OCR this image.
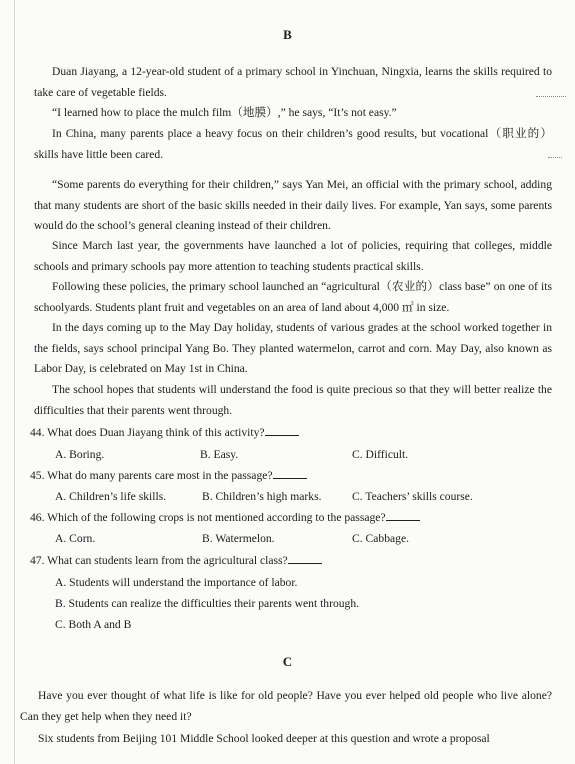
B

Duan Jiayang, a 12-year-old student of a primary school in Yinchuan, Ningxia, learns the skills required to take care of vegetable fields.

“I learned how to place the mulch film（地膜）,” he says, “It’s not easy.”

In China, many parents place a heavy focus on their children’s good results, but vocational（职业的）skills have little been cared.

“Some parents do everything for their children,” says Yan Mei, an official with the primary school, adding that many students are short of the basic skills needed in their daily lives. For example, Yan says, some parents would do the school’s general cleaning instead of their children.

Since March last year, the governments have launched a lot of policies, requiring that colleges, middle schools and primary schools pay more attention to teaching students practical skills.

Following these policies, the primary school launched an “agricultural（农业的）class base” on one of its schoolyards. Students plant fruit and vegetables on an area of land about 4,000 ㎡ in size.

In the days coming up to the May Day holiday, students of various grades at the school worked together in the fields, says school principal Yang Bo. They planted watermelon, carrot and corn. May Day, also known as Labor Day, is celebrated on May 1st in China.

The school hopes that students will understand the food is quite precious so that they will better realize the difficulties that their parents went through.

44. What does Duan Jiayang think of this activity?
A. Boring.	B. Easy.	C. Difficult.
45. What do many parents care most in the passage?
A. Children’s life skills.	B. Children’s high marks.	C. Teachers’ skills course.
46. Which of the following crops is not mentioned according to the passage?
A. Corn.	B. Watermelon.	C. Cabbage.
47. What can students learn from the agricultural class?
A. Students will understand the importance of labor.
B. Students can realize the difficulties their parents went through.
C. Both A and B
C

Have you ever thought of what life is like for old people? Have you ever helped old people who live alone? Can they get help when they need it?

Six students from Beijing 101 Middle School looked deeper at this question and wrote a proposal
